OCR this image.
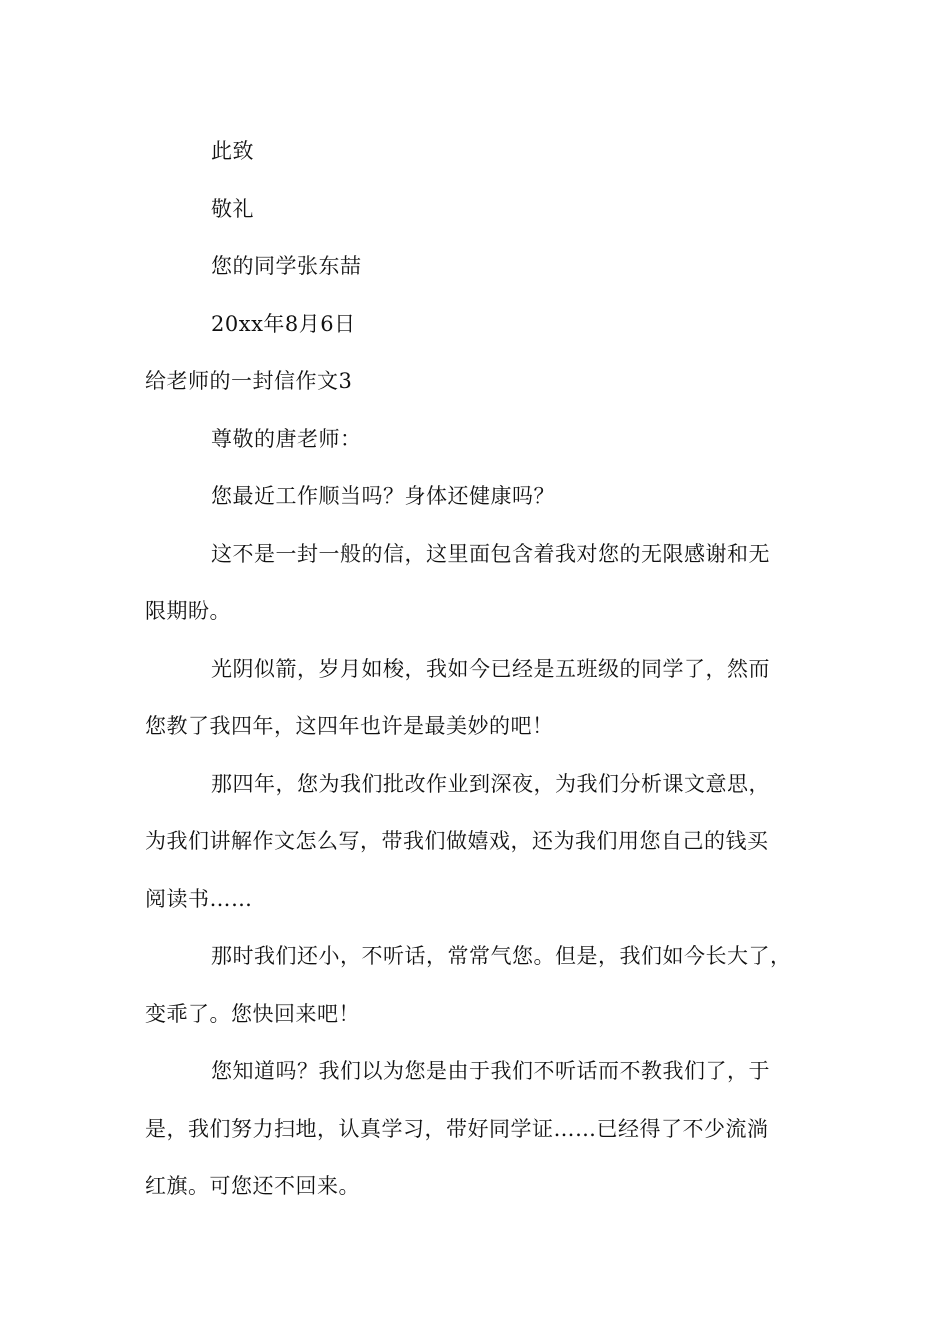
此致
敬礼
您的同学张东喆
20xx年8月6日
给老师的一封信作文3
尊敬的唐老师：
您最近工作顺当吗？身体还健康吗？
这不是一封一般的信，这里面包含着我对您的无限感谢和无
限期盼。
光阴似箭，岁月如梭，我如今已经是五班级的同学了，然而
您教了我四年，这四年也许是最美妙的吧！
那四年，您为我们批改作业到深夜，为我们分析课文意思，
为我们讲解作文怎么写，带我们做嬉戏，还为我们用您自己的钱买
阅读书……
那时我们还小，不听话，常常气您。但是，我们如今长大了，
变乖了。您快回来吧！
您知道吗？我们以为您是由于我们不听话而不教我们了，于
是，我们努力扫地，认真学习，带好同学证……已经得了不少流淌
红旗。可您还不回来。
